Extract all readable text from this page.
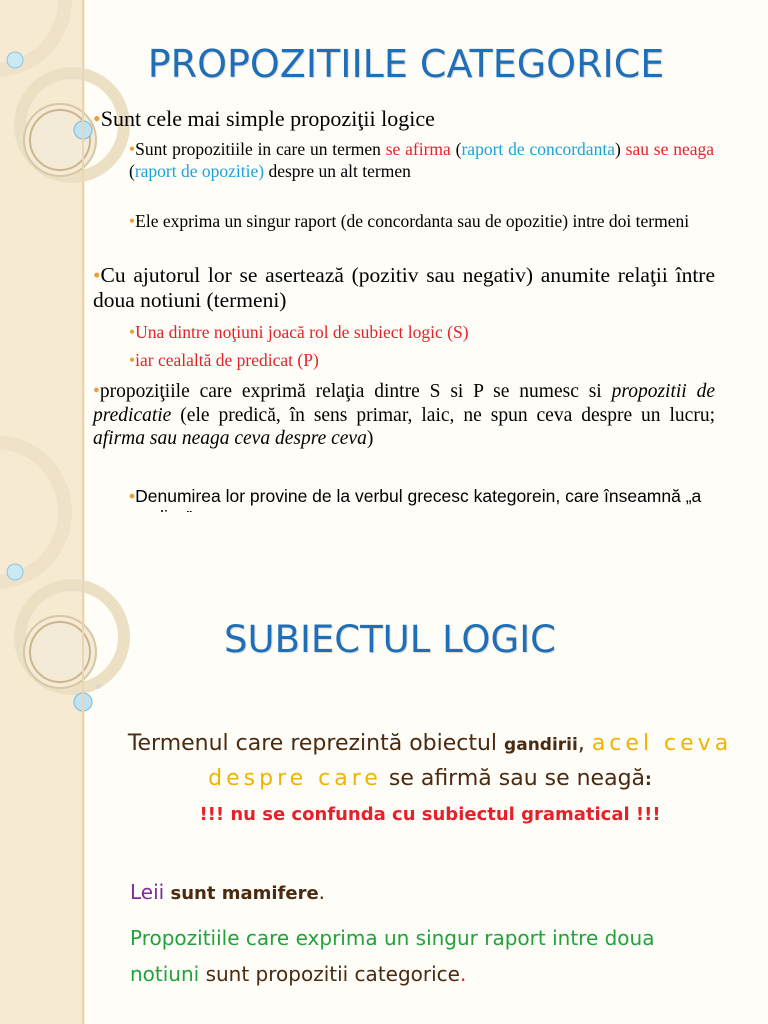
PROPOZITIILE CATEGORICE
•Sunt cele mai simple propoziţii logice
•Sunt propozitiile in care un termen se afirma (raport de concordanta) sau se neaga (raport de opozitie) despre un alt termen
•Ele exprima un singur raport (de concordanta sau de opozitie) intre doi termeni
•Cu ajutorul lor se asertează (pozitiv sau negativ) anumite relaţii între doua notiuni (termeni)
•Una dintre noţiuni joacă rol de subiect logic (S)
•iar cealaltă de predicat (P)
•propoziţiile care exprimă relaţia dintre S si P se numesc si propozitii de predicatie (ele predică, în sens primar, laic, ne spun ceva despre un lucru; afirma sau neaga ceva despre ceva)
•Denumirea lor provine de la verbul grecesc kategorein, care înseamnă „a
SUBIECTUL LOGIC
◦
Termenul care reprezintă obiectul gandirii, acel ceva despre care se afirmă sau se neagă:
!!! nu se confunda cu subiectul gramatical !!!
Leii sunt mamifere.
Propozitiile care exprima un singur raport intre doua notiuni sunt propozitii categorice.
